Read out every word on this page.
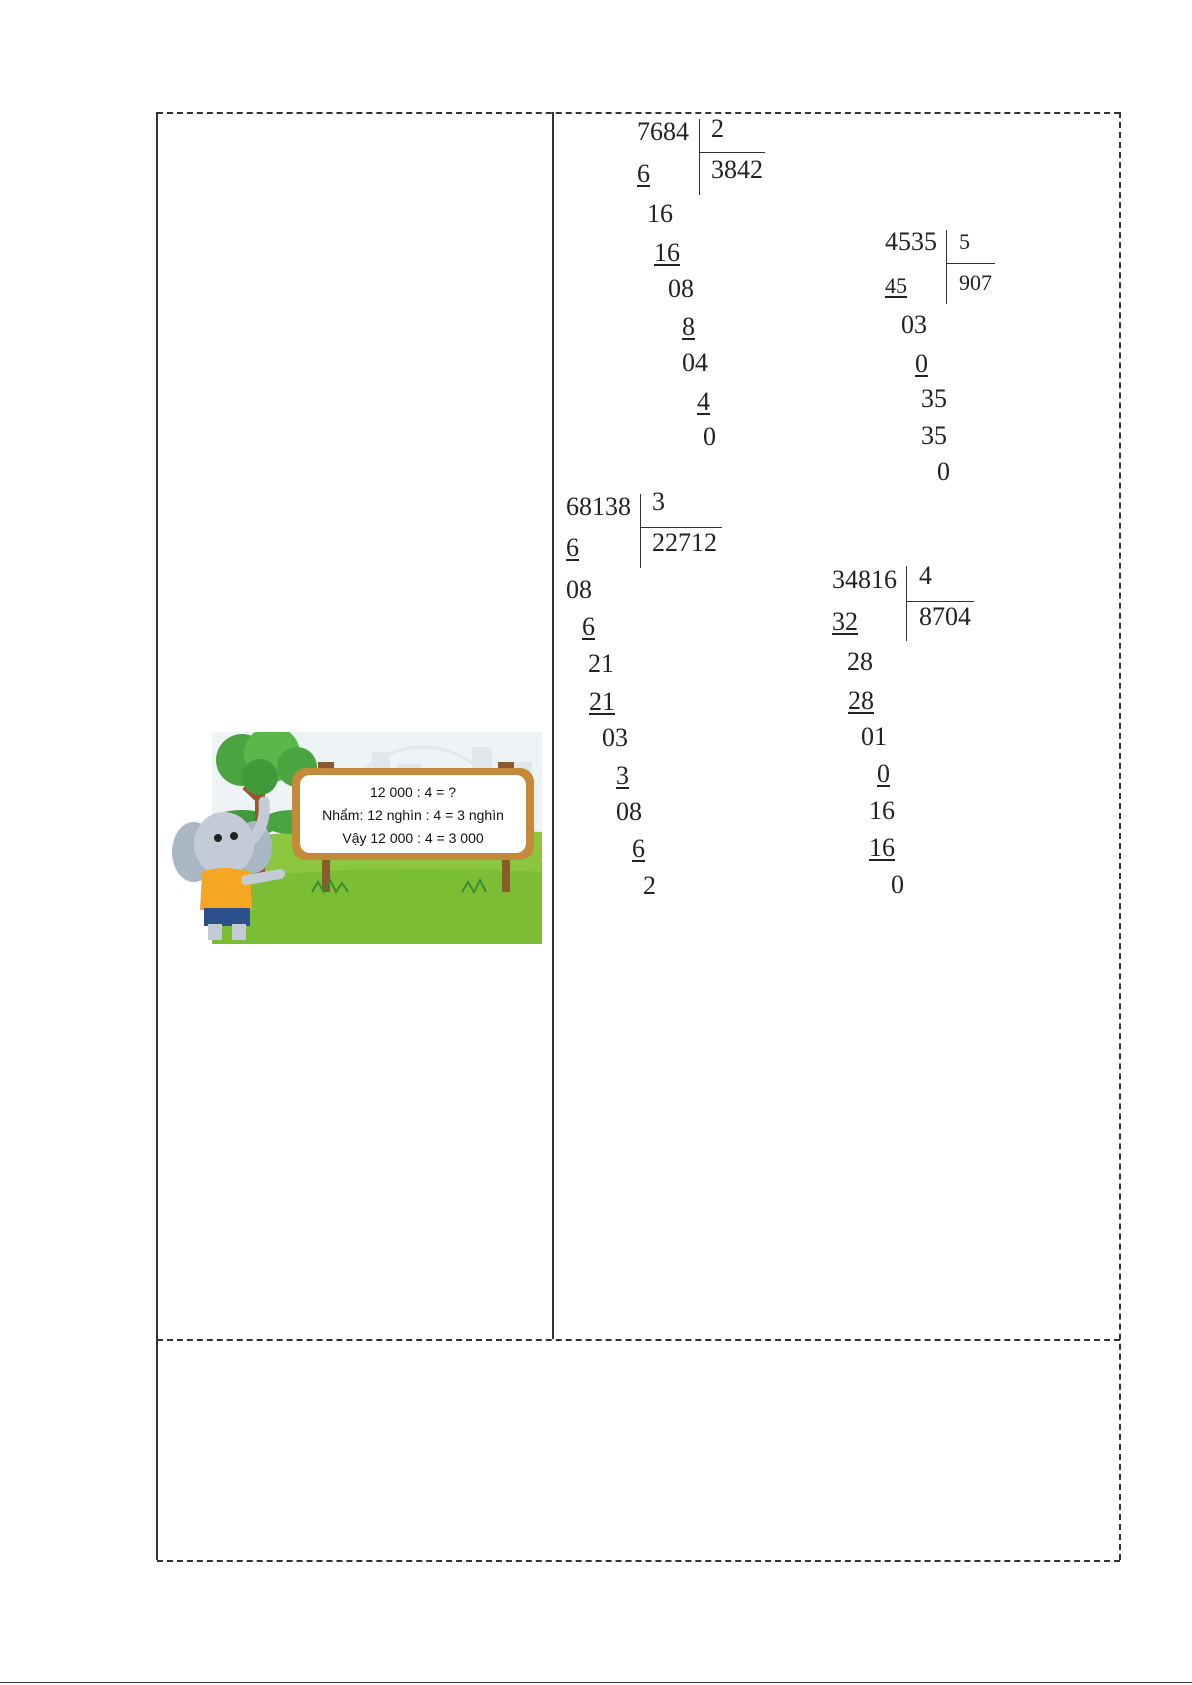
7684 2
3842
6
16
16
08
8
04
4
0
4535 5
907
45
03
0
35
35
0
68138 3
22712
6
08
6
21
21
03
3
08
6
2
34816 4
8704
32
28
28
01
0
16
16
0
12 000 : 4 = ?
Nhẩm: 12 nghìn : 4 = 3 nghìn
Vậy 12 000 : 4 = 3 000
